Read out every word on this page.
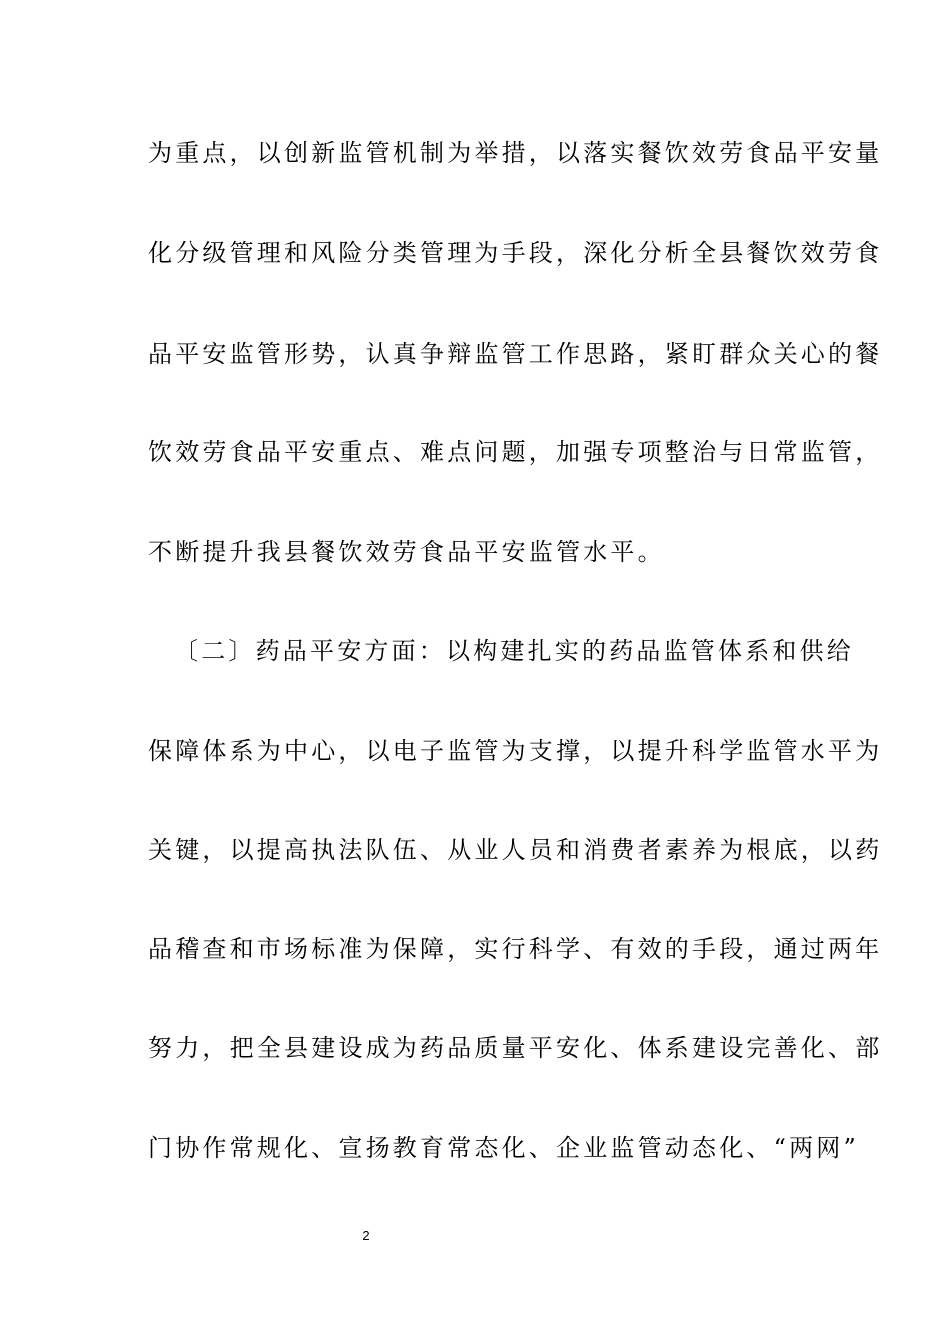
为重点，以创新监管机制为举措，以落实餐饮效劳食品平安量
化分级管理和风险分类管理为手段，深化分析全县餐饮效劳食
品平安监管形势，认真争辩监管工作思路，紧盯群众关心的餐
饮效劳食品平安重点、难点问题，加强专项整治与日常监管，
不断提升我县餐饮效劳食品平安监管水平。
〔二〕药品平安方面：以构建扎实的药品监管体系和供给
保障体系为中心，以电子监管为支撑，以提升科学监管水平为
关键，以提高执法队伍、从业人员和消费者素养为根底，以药
品稽查和市场标准为保障，实行科学、有效的手段，通过两年
努力，把全县建设成为药品质量平安化、体系建设完善化、部
门协作常规化、宣扬教育常态化、企业监管动态化、“两网”
2
